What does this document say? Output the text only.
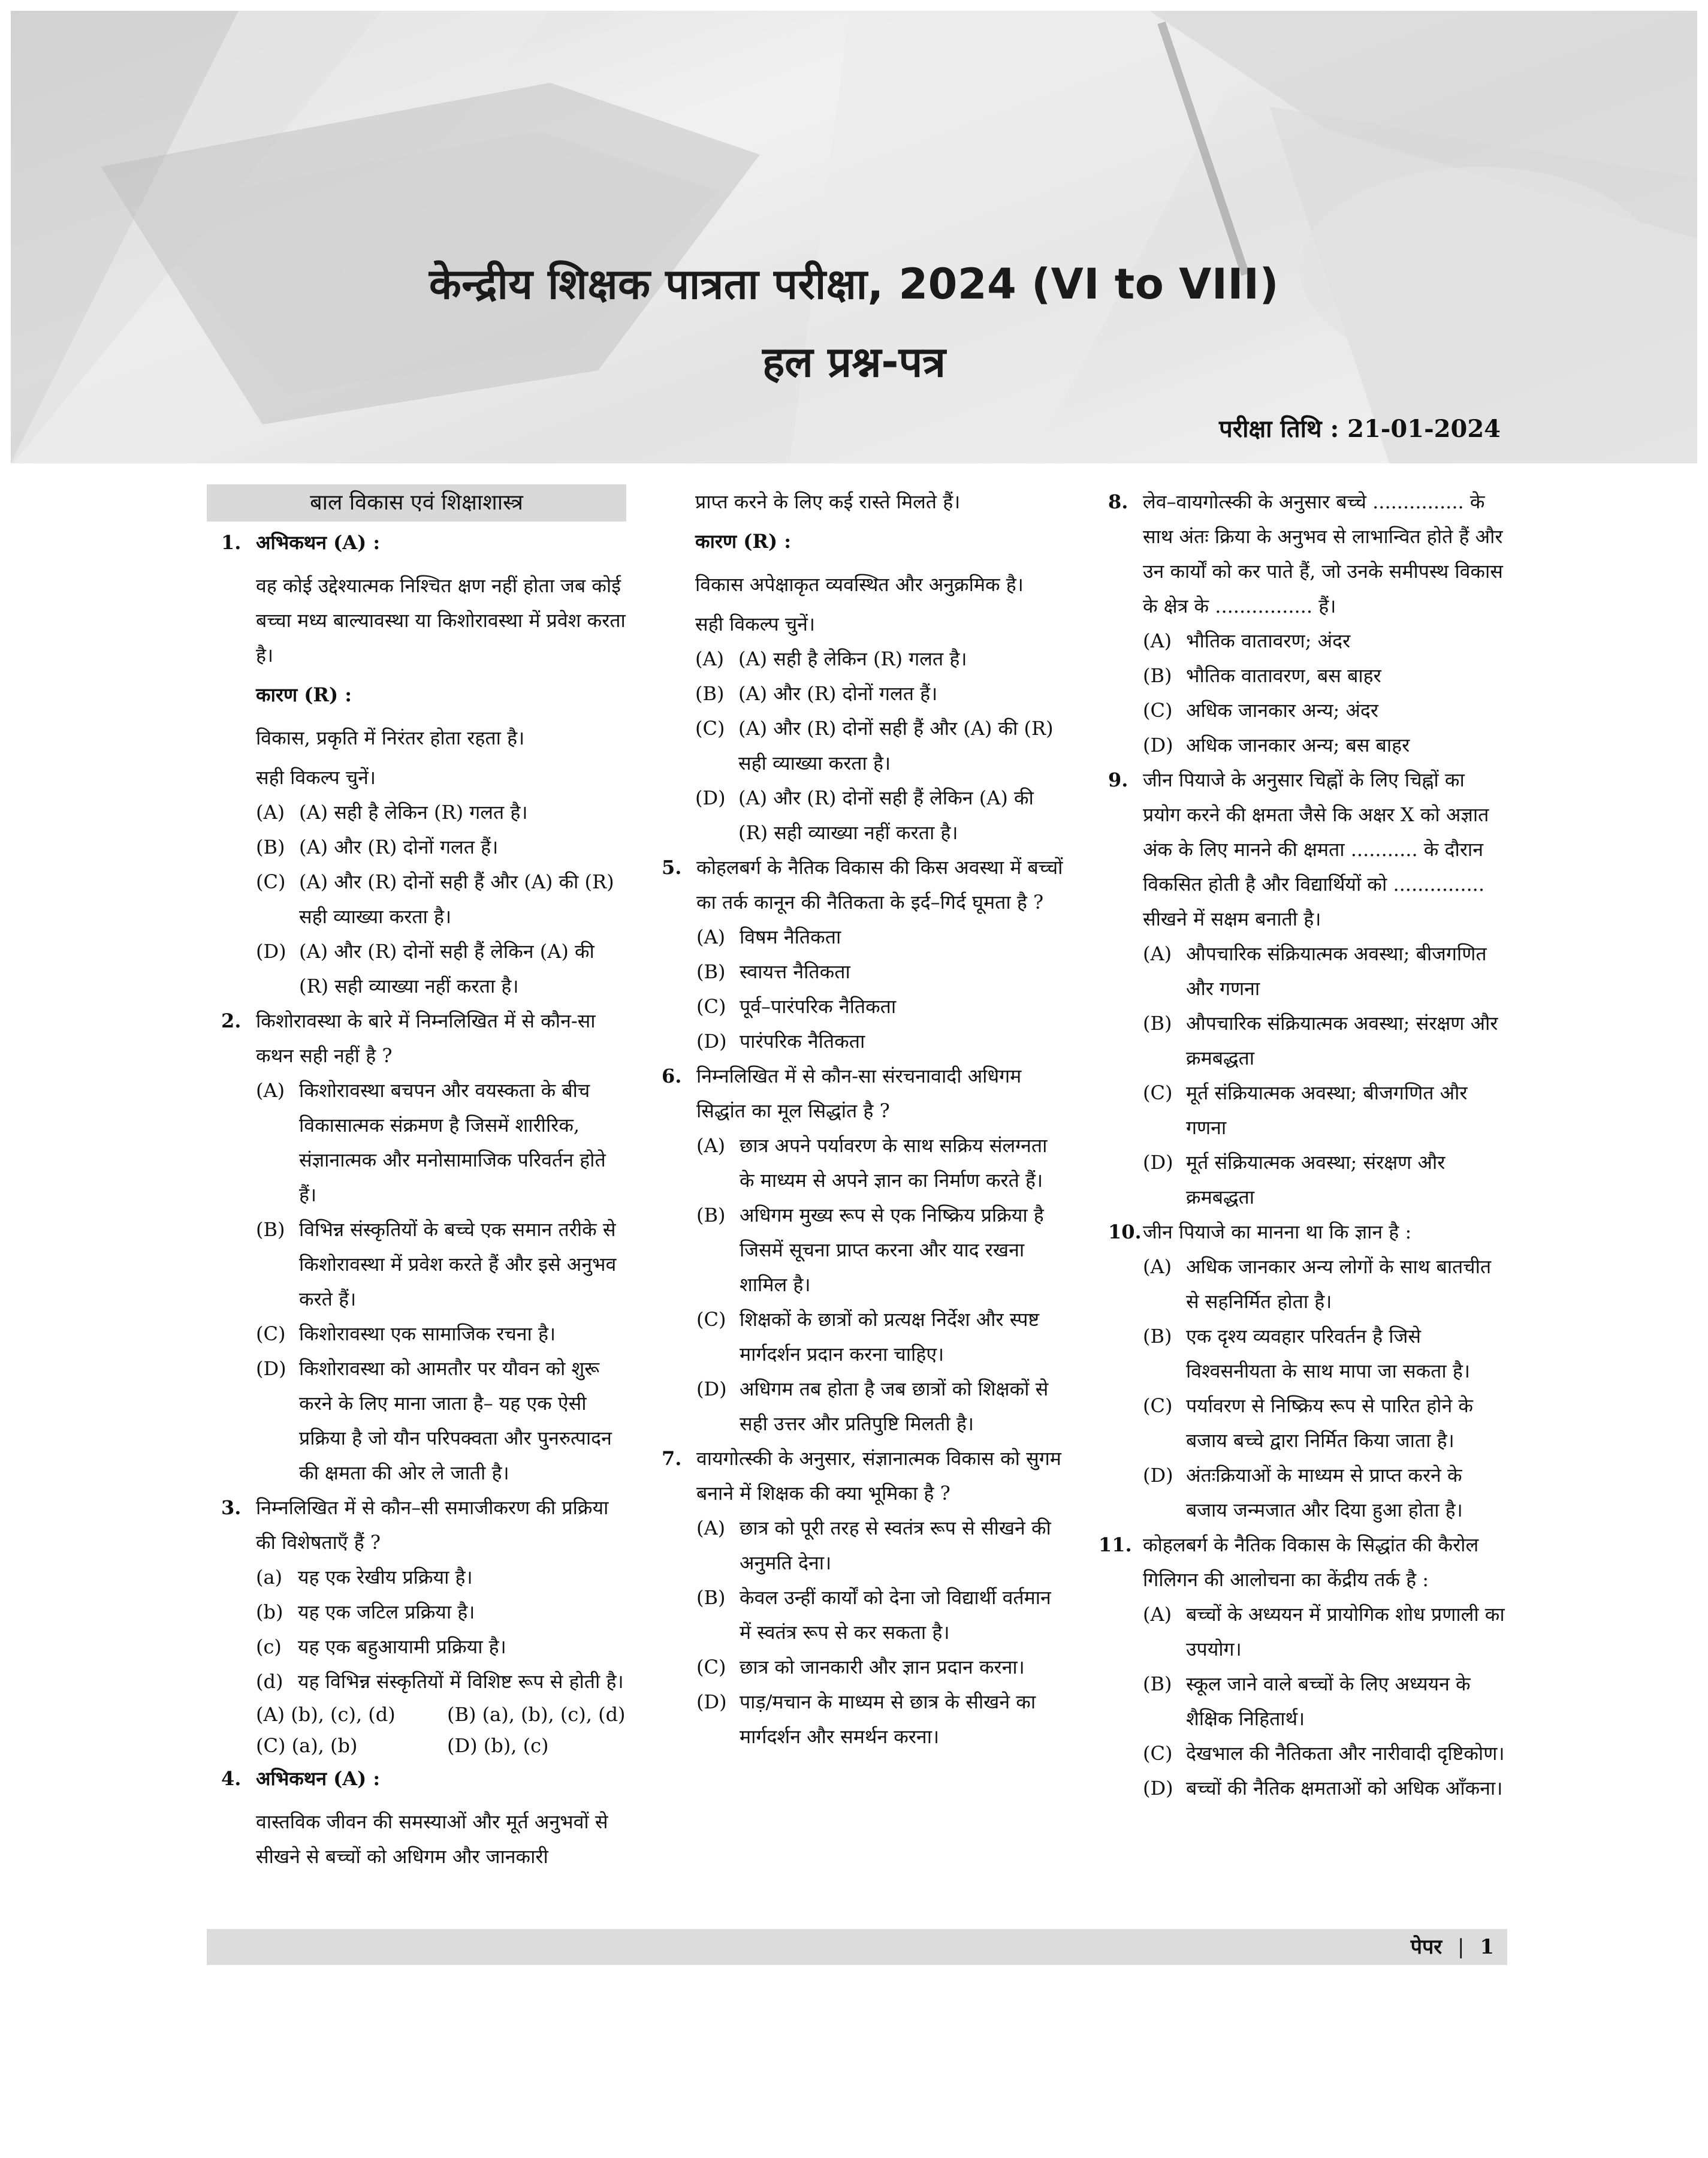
केन्द्रीय शिक्षक पात्रता परीक्षा, 2024 (VI to VIII)
हल प्रश्न-पत्र
परीक्षा तिथि : 21-01-2024
बाल विकास एवं शिक्षाशास्त्र
1. अभिकथन (A) :
वह कोई उद्देश्यात्मक निश्चित क्षण नहीं होता जब कोई बच्चा मध्य बाल्यावस्था या किशोरावस्था में प्रवेश करता है।
कारण (R) :
विकास, प्रकृति में निरंतर होता रहता है।
सही विकल्प चुनें।
(A) (A) सही है लेकिन (R) गलत है।
(B) (A) और (R) दोनों गलत हैं।
(C) (A) और (R) दोनों सही हैं और (A) की (R) सही व्याख्या करता है।
(D) (A) और (R) दोनों सही हैं लेकिन (A) की (R) सही व्याख्या नहीं करता है।
2. किशोरावस्था के बारे में निम्नलिखित में से कौन-सा कथन सही नहीं है ?
(A) किशोरावस्था बचपन और वयस्कता के बीच विकासात्मक संक्रमण है जिसमें शारीरिक, संज्ञानात्मक और मनोसामाजिक परिवर्तन होते हैं।
(B) विभिन्न संस्कृतियों के बच्चे एक समान तरीके से किशोरावस्था में प्रवेश करते हैं और इसे अनुभव करते हैं।
(C) किशोरावस्था एक सामाजिक रचना है।
(D) किशोरावस्था को आमतौर पर यौवन को शुरू करने के लिए माना जाता है– यह एक ऐसी प्रक्रिया है जो यौन परिपक्वता और पुनरुत्पादन की क्षमता की ओर ले जाती है।
3. निम्नलिखित में से कौन–सी समाजीकरण की प्रक्रिया की विशेषताएँ हैं ?
(a) यह एक रेखीय प्रक्रिया है।
(b) यह एक जटिल प्रक्रिया है।
(c) यह एक बहुआयामी प्रक्रिया है।
(d) यह विभिन्न संस्कृतियों में विशिष्ट रूप से होती है।
(A) (b), (c), (d)	(B) (a), (b), (c), (d)
(C) (a), (b)	(D) (b), (c)
4. अभिकथन (A) :
वास्तविक जीवन की समस्याओं और मूर्त अनुभवों से सीखने से बच्चों को अधिगम और जानकारी
प्राप्त करने के लिए कई रास्ते मिलते हैं।
कारण (R) :
विकास अपेक्षाकृत व्यवस्थित और अनुक्रमिक है।
सही विकल्प चुनें।
(A) (A) सही है लेकिन (R) गलत है।
(B) (A) और (R) दोनों गलत हैं।
(C) (A) और (R) दोनों सही हैं और (A) की (R) सही व्याख्या करता है।
(D) (A) और (R) दोनों सही हैं लेकिन (A) की (R) सही व्याख्या नहीं करता है।
5. कोहलबर्ग के नैतिक विकास की किस अवस्था में बच्चों का तर्क कानून की नैतिकता के इर्द–गिर्द घूमता है ?
(A) विषम नैतिकता
(B) स्वायत्त नैतिकता
(C) पूर्व–पारंपरिक नैतिकता
(D) पारंपरिक नैतिकता
6. निम्नलिखित में से कौन-सा संरचनावादी अधिगम सिद्धांत का मूल सिद्धांत है ?
(A) छात्र अपने पर्यावरण के साथ सक्रिय संलग्नता के माध्यम से अपने ज्ञान का निर्माण करते हैं।
(B) अधिगम मुख्य रूप से एक निष्क्रिय प्रक्रिया है जिसमें सूचना प्राप्त करना और याद रखना शामिल है।
(C) शिक्षकों के छात्रों को प्रत्यक्ष निर्देश और स्पष्ट मार्गदर्शन प्रदान करना चाहिए।
(D) अधिगम तब होता है जब छात्रों को शिक्षकों से सही उत्तर और प्रतिपुष्टि मिलती है।
7. वायगोत्स्की के अनुसार, संज्ञानात्मक विकास को सुगम बनाने में शिक्षक की क्या भूमिका है ?
(A) छात्र को पूरी तरह से स्वतंत्र रूप से सीखने की अनुमति देना।
(B) केवल उन्हीं कार्यों को देना जो विद्यार्थी वर्तमान में स्वतंत्र रूप से कर सकता है।
(C) छात्र को जानकारी और ज्ञान प्रदान करना।
(D) पाड़/मचान के माध्यम से छात्र के सीखने का मार्गदर्शन और समर्थन करना।
8. लेव–वायगोत्स्की के अनुसार बच्चे ............... के साथ अंतः क्रिया के अनुभव से लाभान्वित होते हैं और उन कार्यों को कर पाते हैं, जो उनके समीपस्थ विकास के क्षेत्र के ................ हैं।
(A) भौतिक वातावरण; अंदर
(B) भौतिक वातावरण, बस बाहर
(C) अधिक जानकार अन्य; अंदर
(D) अधिक जानकार अन्य; बस बाहर
9. जीन पियाजे के अनुसार चिह्नों के लिए चिह्नों का प्रयोग करने की क्षमता जैसे कि अक्षर X को अज्ञात अंक के लिए मानने की क्षमता ........... के दौरान विकसित होती है और विद्यार्थियों को ............... सीखने में सक्षम बनाती है।
(A) औपचारिक संक्रियात्मक अवस्था; बीजगणित और गणना
(B) औपचारिक संक्रियात्मक अवस्था; संरक्षण और क्रमबद्धता
(C) मूर्त संक्रियात्मक अवस्था; बीजगणित और गणना
(D) मूर्त संक्रियात्मक अवस्था; संरक्षण और क्रमबद्धता
10. जीन पियाजे का मानना था कि ज्ञान है :
(A) अधिक जानकार अन्य लोगों के साथ बातचीत से सहनिर्मित होता है।
(B) एक दृश्य व्यवहार परिवर्तन है जिसे विश्वसनीयता के साथ मापा जा सकता है।
(C) पर्यावरण से निष्क्रिय रूप से पारित होने के बजाय बच्चे द्वारा निर्मित किया जाता है।
(D) अंतःक्रियाओं के माध्यम से प्राप्त करने के बजाय जन्मजात और दिया हुआ होता है।
11. कोहलबर्ग के नैतिक विकास के सिद्धांत की कैरोल गिलिगन की आलोचना का केंद्रीय तर्क है :
(A) बच्चों के अध्ययन में प्रायोगिक शोध प्रणाली का उपयोग।
(B) स्कूल जाने वाले बच्चों के लिए अध्ययन के शैक्षिक निहितार्थ।
(C) देखभाल की नैतिकता और नारीवादी दृष्टिकोण।
(D) बच्चों की नैतिक क्षमताओं को अधिक आँकना।
पेपर | 1
